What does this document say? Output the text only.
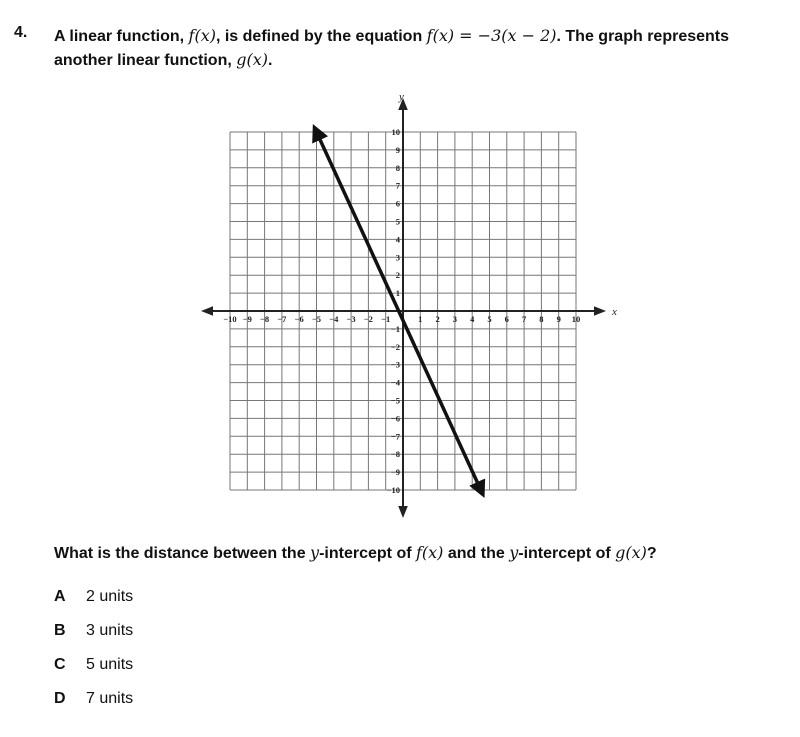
4. A linear function, f(x), is defined by the equation f(x) = −3(x − 2). The graph represents another linear function, g(x).
x
y
−10 −9 −8 −7 −6 −5 −4 −3 −2 −1	1 2 3 4 5 6 7 8 9 10
10
9
8
7
6
5
4
3
2
1
−1
−2
−3
−4
−5
−6
−7
−8
−9
−10
What is the distance between the y-intercept of f(x) and the y-intercept of g(x)?
A 2 units
B 3 units
C 5 units
D 7 units
